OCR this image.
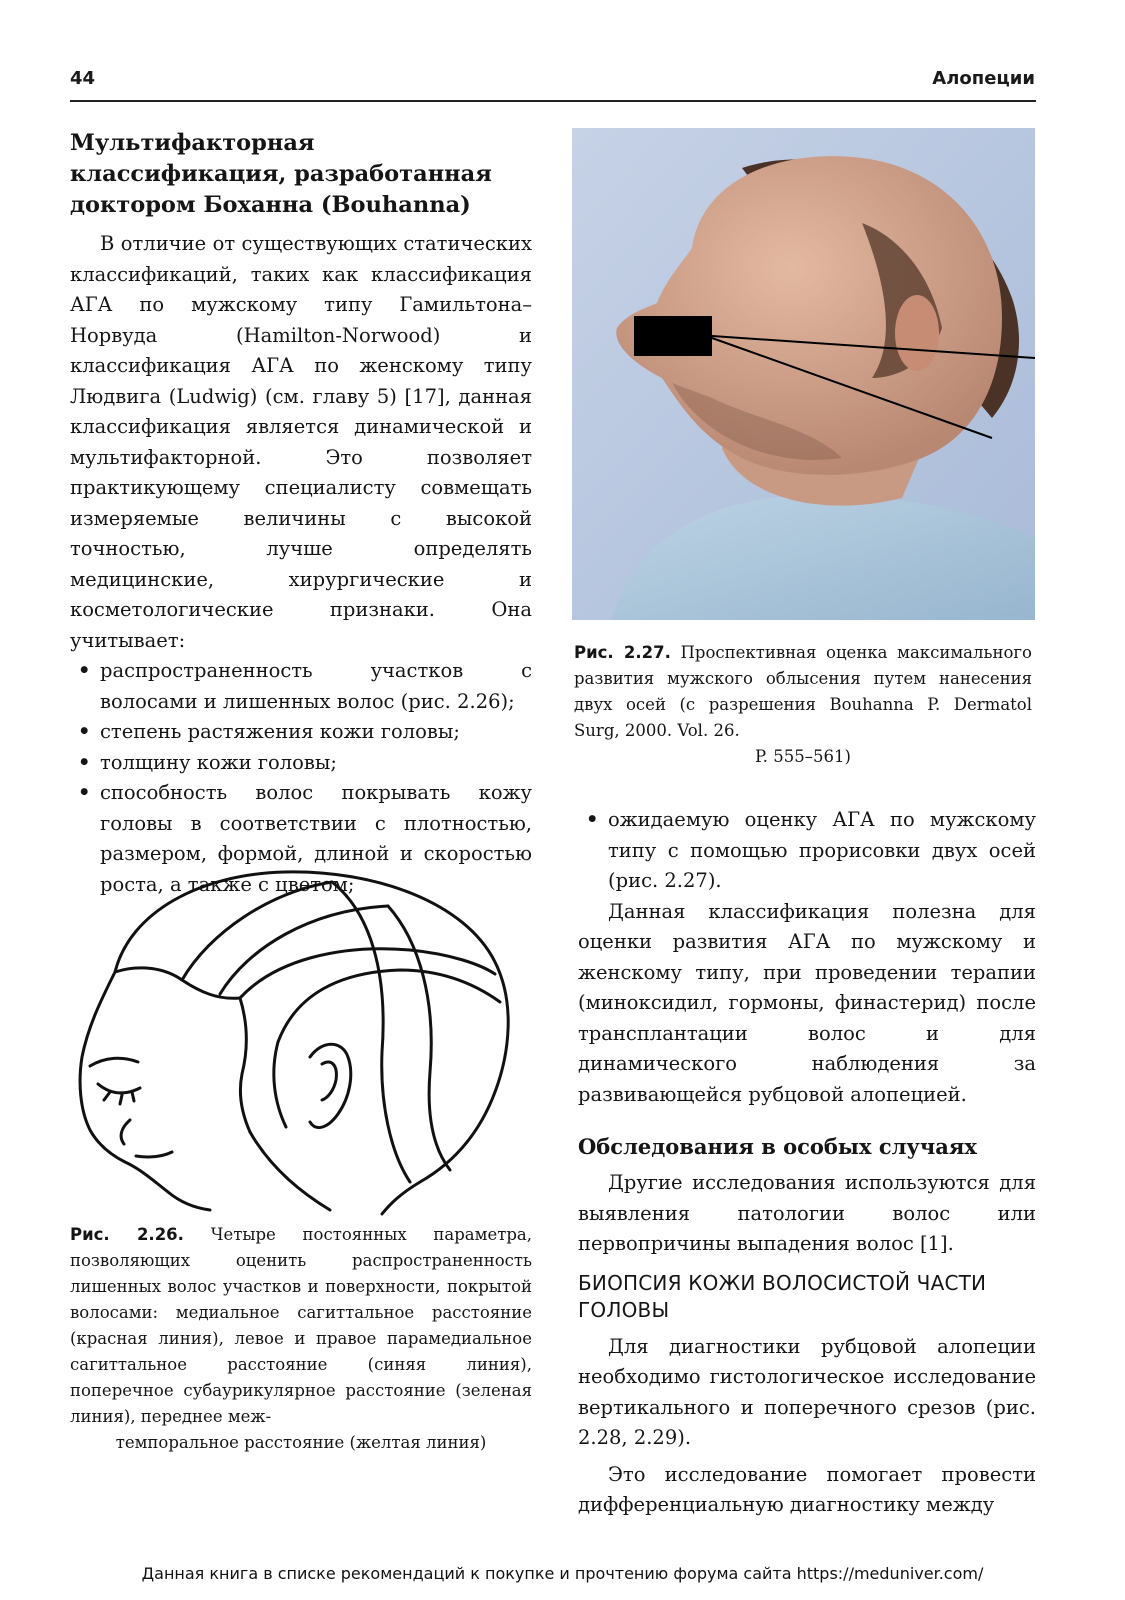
44	Алопеции
Мультифакторная классификация, разработанная доктором Боханна (Bouhanna)

В отличие от существующих статических классификаций, таких как классификация АГА по мужскому типу Гамильтона–Норвуда (Hamilton-Norwood) и классификация АГА по женскому типу Людвига (Ludwig) (см. главу 5) [17], данная классификация является динамической и мультифакторной. Это позволяет практикующему специалисту совмещать измеряемые величины с высокой точностью, лучше определять медицинские, хирургические и косметологические признаки. Она учитывает:

• распространенность участков с волосами и лишенных волос (рис. 2.26);
• степень растяжения кожи головы;
• толщину кожи головы;
• способность волос покрывать кожу головы в соответствии с плотностью, размером, формой, длиной и скоростью роста, а также с цветом;
Рис. 2.26. Четыре постоянных параметра, позволяющих оценить распространенность лишенных волос участков и поверхности, покрытой волосами: медиальное сагиттальное расстояние (красная линия), левое и правое парамедиальное сагиттальное расстояние (синяя линия), поперечное субаурикулярное расстояние (зеленая линия), переднее меж-
темпоральное расстояние (желтая линия)
Рис. 2.27. Проспективная оценка максимального развития мужского облысения путем нанесения двух осей (с разрешения Bouhanna P. Dermatol Surg, 2000. Vol. 26.
P. 555–561)
• ожидаемую оценку АГА по мужскому типу с помощью прорисовки двух осей (рис. 2.27).

Данная классификация полезна для оценки развития АГА по мужскому и женскому типу, при проведении терапии (миноксидил, гормоны, финастерид) после трансплантации волос и для динамического наблюдения за развивающейся рубцовой алопецией.

Обследования в особых случаях

Другие исследования используются для выявления патологии волос или первопричины выпадения волос [1].

БИОПСИЯ КОЖИ ВОЛОСИСТОЙ ЧАСТИ ГОЛОВЫ

Для диагностики рубцовой алопеции необходимо гистологическое исследование вертикального и поперечного срезов (рис. 2.28, 2.29).

Это исследование помогает провести дифференциальную диагностику между

Данная книга в списке рекомендаций к покупке и прочтению форума сайта https://meduniver.com/
